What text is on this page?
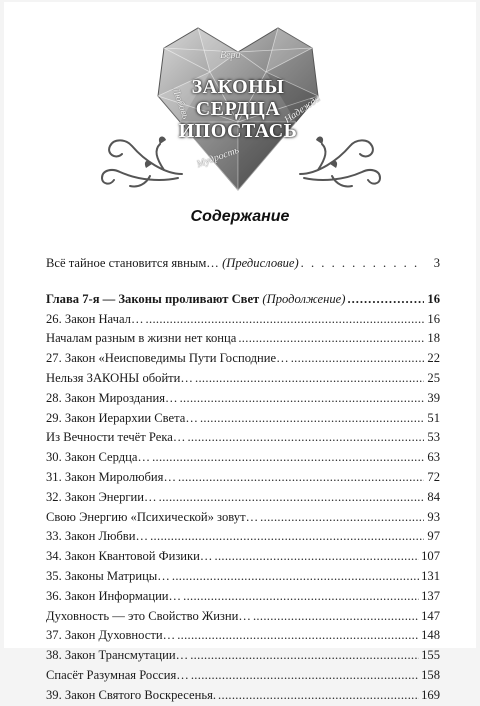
ЗАКОНЫ
СЕРДЦА
ИПОСТАСЬ
Вера
Надежда
Любовь
Мудрость
Содержание
Всё тайное становится явным… (Предисловие) . . .	3
Глава 7-я — Законы проливают Свет (Продолжение) .....	16
26. Закон Начал… .....	16
Началам разным в жизни нет конца .....	18
27. Закон «Неисповедимы Пути Господние… .....	22
Нельзя ЗАКОНЫ обойти… .....	25
28. Закон Мироздания… .....	39
29. Закон Иерархии Света… .....	51
Из Вечности течёт Река… .....	53
30. Закон Сердца… .....	63
31. Закон Миролюбия… .....	72
32. Закон Энергии… .....	84
Свою Энергию «Психической» зовут… .....	93
33. Закон Любви… .....	97
34. Закон Квантовой Физики… .....	107
35. Законы Матрицы… .....	131
36. Закон Информации… .....	137
Духовность — это Свойство Жизни… .....	147
37. Закон Духовности… .....	148
38. Закон Трансмутации… .....	155
Спасёт Разумная Россия… .....	158
39. Закон Святого Воскресенья. .....	169
